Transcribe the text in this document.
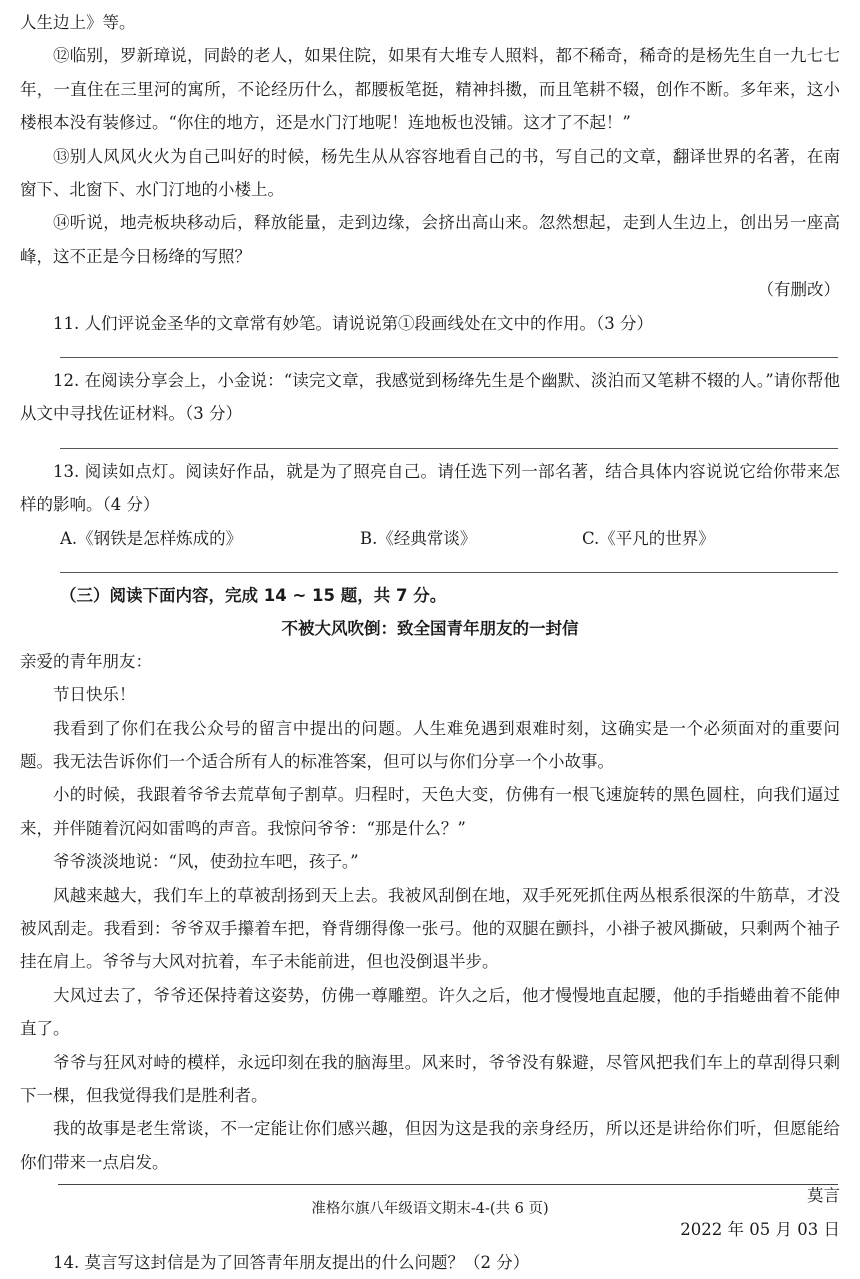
人生边上》等。

⑫临别，罗新璋说，同龄的老人，如果住院，如果有大堆专人照料，都不稀奇，稀奇的是杨先生自一九七七年，一直住在三里河的寓所，不论经历什么，都腰板笔挺，精神抖擞，而且笔耕不辍，创作不断。多年来，这小楼根本没有装修过。“你住的地方，还是水门汀地呢！连地板也没铺。这才了不起！”

⑬别人风风火火为自己叫好的时候，杨先生从从容容地看自己的书，写自己的文章，翻译世界的名著，在南窗下、北窗下、水门汀地的小楼上。

⑭听说，地壳板块移动后，释放能量，走到边缘，会挤出高山来。忽然想起，走到人生边上，创出另一座高峰，这不正是今日杨绛的写照？

（有删改）

11. 人们评说金圣华的文章常有妙笔。请说说第①段画线处在文中的作用。（3 分）

12. 在阅读分享会上，小金说：“读完文章，我感觉到杨绛先生是个幽默、淡泊而又笔耕不辍的人。”请你帮他从文中寻找佐证材料。（3 分）

13. 阅读如点灯。阅读好作品，就是为了照亮自己。请任选下列一部名著，结合具体内容说说它给你带来怎样的影响。（4 分）

A.《钢铁是怎样炼成的》	B.《经典常谈》	C.《平凡的世界》
（三）阅读下面内容，完成 14 ~ 15 题，共 7 分。
不被大风吹倒：致全国青年朋友的一封信

亲爱的青年朋友：

节日快乐！

我看到了你们在我公众号的留言中提出的问题。人生难免遇到艰难时刻，这确实是一个必须面对的重要问题。我无法告诉你们一个适合所有人的标准答案，但可以与你们分享一个小故事。

小的时候，我跟着爷爷去荒草甸子割草。归程时，天色大变，仿佛有一根飞速旋转的黑色圆柱，向我们逼过来，并伴随着沉闷如雷鸣的声音。我惊问爷爷：“那是什么？”

爷爷淡淡地说：“风，使劲拉车吧，孩子。”

风越来越大，我们车上的草被刮扬到天上去。我被风刮倒在地，双手死死抓住两丛根系很深的牛筋草，才没被风刮走。我看到：爷爷双手攥着车把，脊背绷得像一张弓。他的双腿在颤抖，小褂子被风撕破，只剩两个袖子挂在肩上。爷爷与大风对抗着，车子未能前进，但也没倒退半步。

大风过去了，爷爷还保持着这姿势，仿佛一尊雕塑。许久之后，他才慢慢地直起腰，他的手指蜷曲着不能伸直了。

爷爷与狂风对峙的模样，永远印刻在我的脑海里。风来时，爷爷没有躲避，尽管风把我们车上的草刮得只剩下一棵，但我觉得我们是胜利者。

我的故事是老生常谈，不一定能让你们感兴趣，但因为这是我的亲身经历，所以还是讲给你们听，但愿能给你们带来一点启发。

莫言

2022 年 05 月 03 日

14. 莫言写这封信是为了回答青年朋友提出的什么问题？（2 分）

准格尔旗八年级语文期末-4-(共 6 页)
